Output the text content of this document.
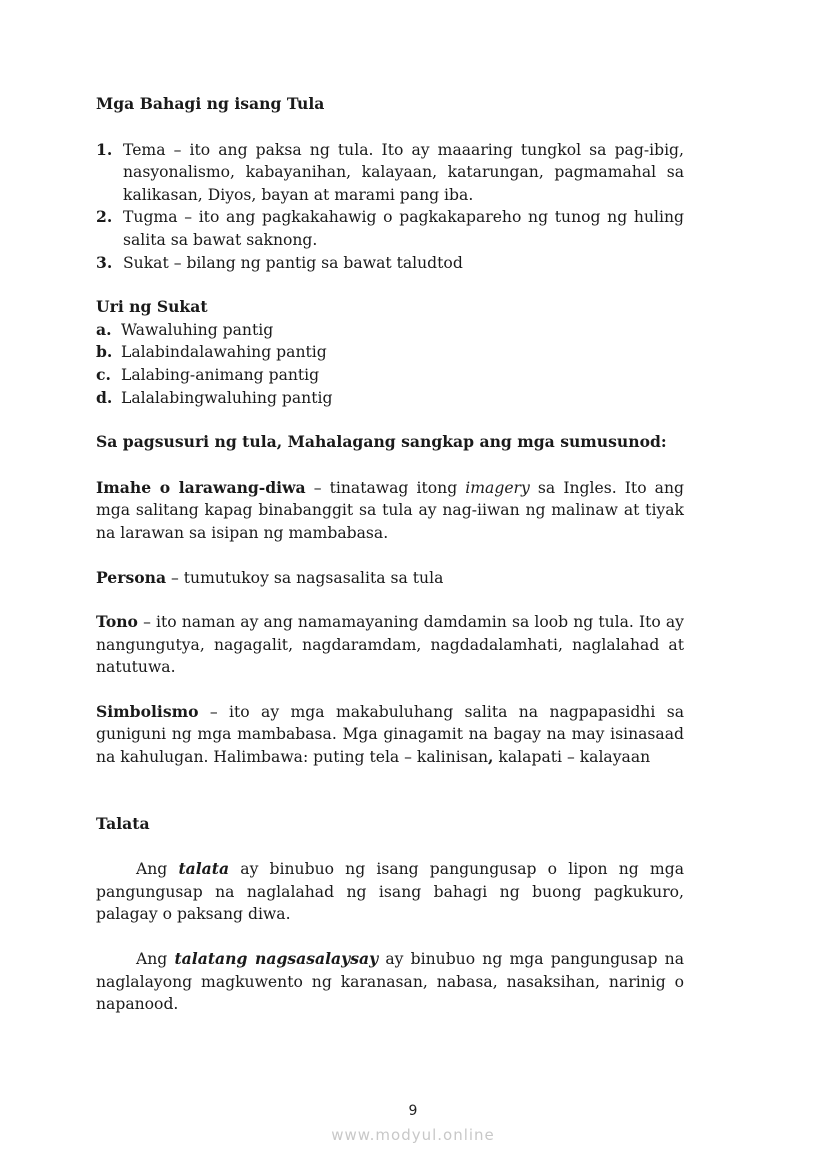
Mga Bahagi ng isang Tula

1. Tema – ito ang paksa ng tula. Ito ay maaaring tungkol sa pag-ibig, nasyonalismo, kabayanihan, kalayaan, katarungan, pagmamahal sa kalikasan, Diyos, bayan at marami pang iba.
2. Tugma – ito ang pagkakahawig o pagkakapareho ng tunog ng huling salita sa bawat saknong.
3. Sukat – bilang ng pantig sa bawat taludtod

Uri ng Sukat

a. Wawaluhing pantig
b. Lalabindalawahing pantig
c. Lalabing-animang pantig
d. Lalalabingwaluhing pantig

Sa pagsusuri ng tula, Mahalagang sangkap ang mga sumusunod:

Imahe o larawang-diwa – tinatawag itong imagery sa Ingles. Ito ang mga salitang kapag binabanggit sa tula ay nag-iiwan ng malinaw at tiyak na larawan sa isipan ng mambabasa.

Persona – tumutukoy sa nagsasalita sa tula

Tono – ito naman ay ang namamayaning damdamin sa loob ng tula. Ito ay nangungutya, nagagalit, nagdaramdam, nagdadalamhati, naglalahad at natutuwa.

Simbolismo – ito ay mga makabuluhang salita na nagpapasidhi sa guniguni ng mga mambabasa. Mga ginagamit na bagay na may isinasaad na kahulugan. Halimbawa: puting tela – kalinisan, kalapati – kalayaan

Talata

Ang talata ay binubuo ng isang pangungusap o lipon ng mga pangungusap na naglalahad ng isang bahagi ng buong pagkukuro, palagay o paksang diwa.

Ang talatang nagsasalaysay ay binubuo ng mga pangungusap na naglalayong magkuwento ng karanasan, nabasa, nasaksihan, narinig o napanood.

9
www.modyul.online
